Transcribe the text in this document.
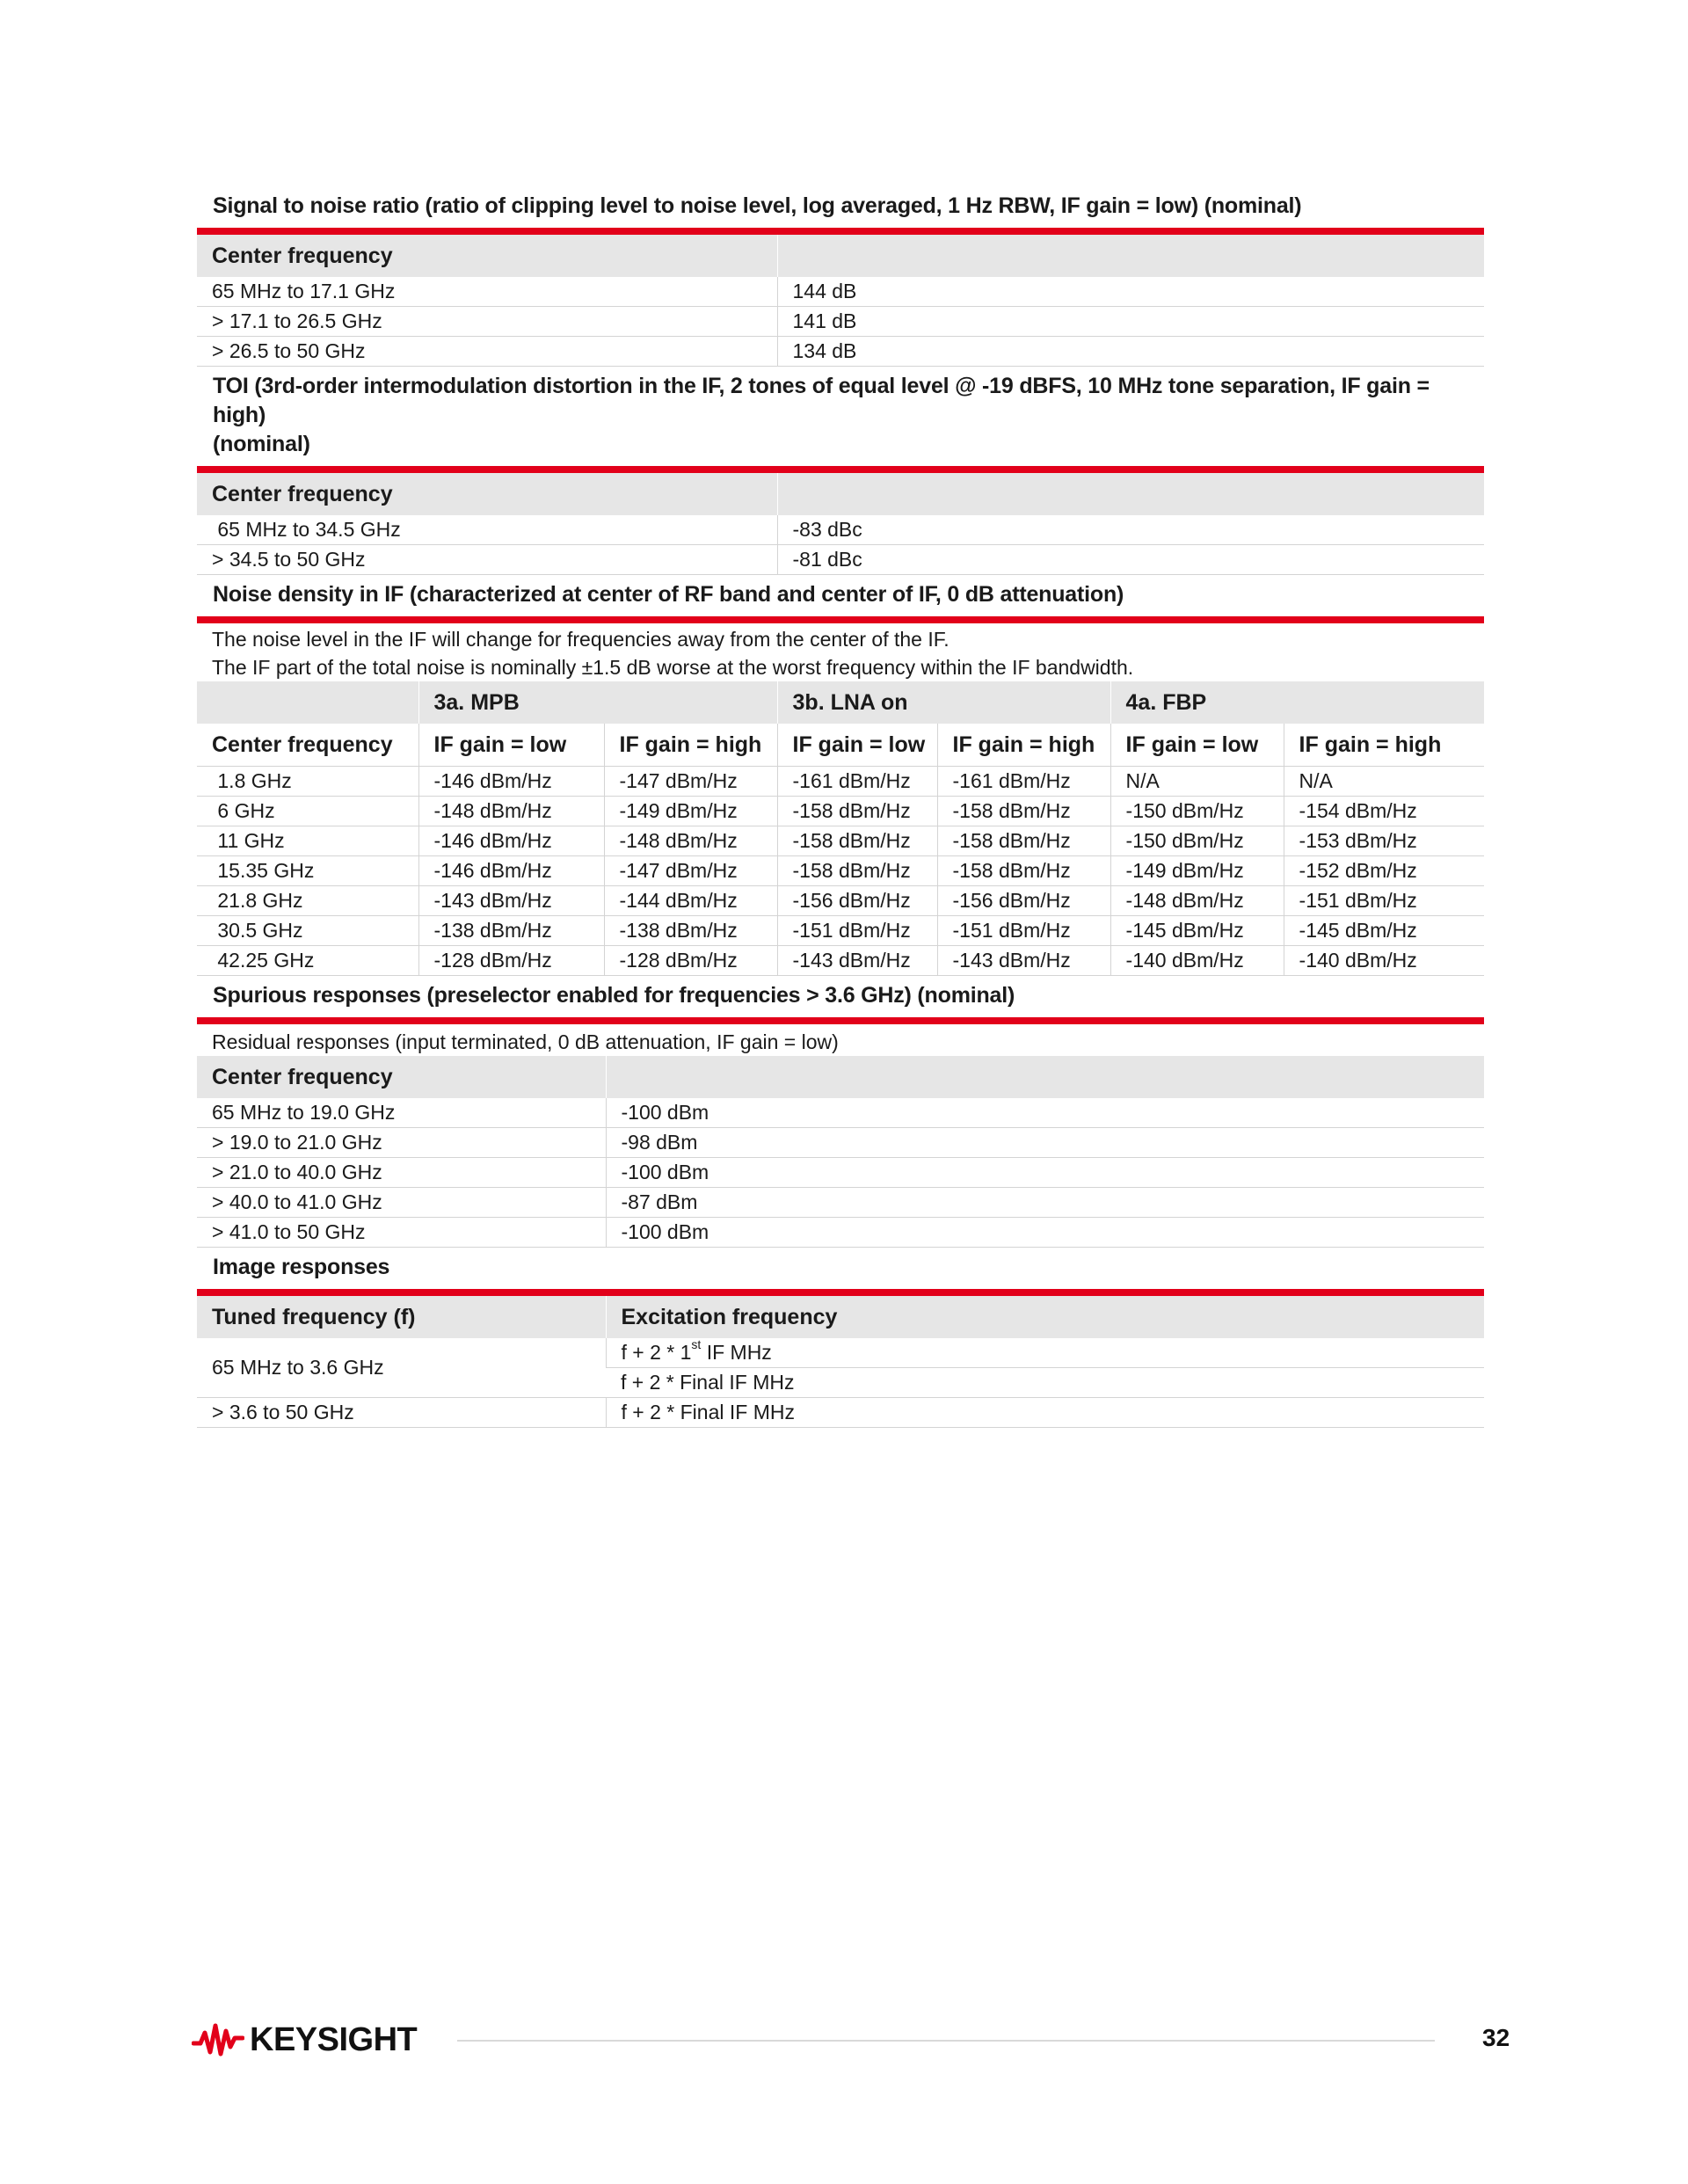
Signal to noise ratio (ratio of clipping level to noise level, log averaged, 1 Hz RBW, IF gain = low) (nominal)
Center frequency	
65 MHz to 17.1 GHz	144 dB
> 17.1 to 26.5 GHz	141 dB
> 26.5 to 50 GHz	134 dB
TOI (3rd-order intermodulation distortion in the IF, 2 tones of equal level @ -19 dBFS, 10 MHz tone separation, IF gain = high)
(nominal)
Center frequency	
65 MHz to 34.5 GHz	-83 dBc
> 34.5 to 50 GHz	-81 dBc
Noise density in IF (characterized at center of RF band and center of IF, 0 dB attenuation)
The noise level in the IF will change for frequencies away from the center of the IF.
The IF part of the total noise is nominally ±1.5 dB worse at the worst frequency within the IF bandwidth.
	3a. MPB		3b. LNA on		4a. FBP	
Center frequency	IF gain = low	IF gain = high	IF gain = low	IF gain = high	IF gain = low	IF gain = high
1.8 GHz	-146 dBm/Hz	-147 dBm/Hz	-161 dBm/Hz	-161 dBm/Hz	N/A	N/A
6 GHz	-148 dBm/Hz	-149 dBm/Hz	-158 dBm/Hz	-158 dBm/Hz	-150 dBm/Hz	-154 dBm/Hz
11 GHz	-146 dBm/Hz	-148 dBm/Hz	-158 dBm/Hz	-158 dBm/Hz	-150 dBm/Hz	-153 dBm/Hz
15.35 GHz	-146 dBm/Hz	-147 dBm/Hz	-158 dBm/Hz	-158 dBm/Hz	-149 dBm/Hz	-152 dBm/Hz
21.8 GHz	-143 dBm/Hz	-144 dBm/Hz	-156 dBm/Hz	-156 dBm/Hz	-148 dBm/Hz	-151 dBm/Hz
30.5 GHz	-138 dBm/Hz	-138 dBm/Hz	-151 dBm/Hz	-151 dBm/Hz	-145 dBm/Hz	-145 dBm/Hz
42.25 GHz	-128 dBm/Hz	-128 dBm/Hz	-143 dBm/Hz	-143 dBm/Hz	-140 dBm/Hz	-140 dBm/Hz
Spurious responses (preselector enabled for frequencies > 3.6 GHz) (nominal)
Residual responses (input terminated, 0 dB attenuation, IF gain = low)
Center frequency	
65 MHz to 19.0 GHz	-100 dBm
> 19.0 to 21.0 GHz	-98 dBm
> 21.0 to 40.0 GHz	-100 dBm
> 40.0 to 41.0 GHz	-87 dBm
> 41.0 to 50 GHz	-100 dBm
Image responses
Tuned frequency (f)	Excitation frequency
65 MHz to 3.6 GHz	f + 2 * 1st IF MHz
	f + 2 * Final IF MHz
> 3.6 to 50 GHz	f + 2 * Final IF MHz
KEYSIGHT	32
